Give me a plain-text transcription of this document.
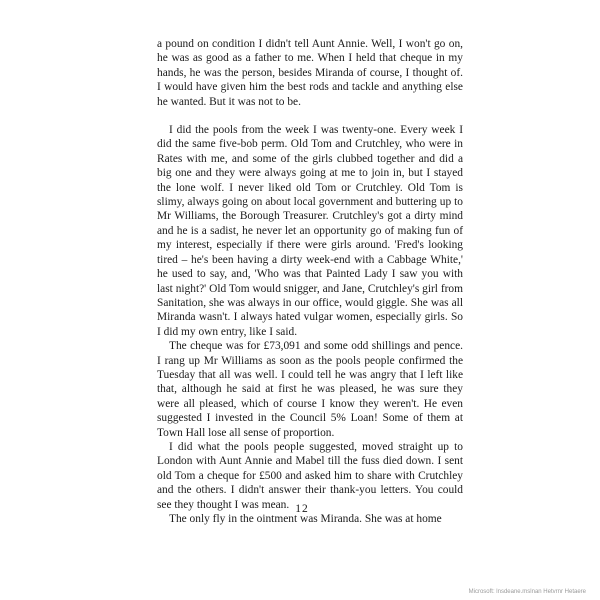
a pound on condition I didn't tell Aunt Annie. Well, I won't go on, he was as good as a father to me. When I held that cheque in my hands, he was the person, besides Miranda of course, I thought of. I would have given him the best rods and tackle and anything else he wanted. But it was not to be.

I did the pools from the week I was twenty-one. Every week I did the same five-bob perm. Old Tom and Crutchley, who were in Rates with me, and some of the girls clubbed together and did a big one and they were always going at me to join in, but I stayed the lone wolf. I never liked old Tom or Crutchley. Old Tom is slimy, always going on about local government and buttering up to Mr Williams, the Borough Treasurer. Crutchley's got a dirty mind and he is a sadist, he never let an opportunity go of making fun of my interest, especially if there were girls around. 'Fred's looking tired – he's been having a dirty week-end with a Cabbage White,' he used to say, and, 'Who was that Painted Lady I saw you with last night?' Old Tom would snigger, and Jane, Crutchley's girl from Sanitation, she was always in our office, would giggle. She was all Miranda wasn't. I always hated vulgar women, especially girls. So I did my own entry, like I said.

The cheque was for £73,091 and some odd shillings and pence. I rang up Mr Williams as soon as the pools people confirmed the Tuesday that all was well. I could tell he was angry that I left like that, although he said at first he was pleased, he was sure they were all pleased, which of course I know they weren't. He even suggested I invested in the Council 5% Loan! Some of them at Town Hall lose all sense of proportion.

I did what the pools people suggested, moved straight up to London with Aunt Annie and Mabel till the fuss died down. I sent old Tom a cheque for £500 and asked him to share with Crutchley and the others. I didn't answer their thank-you letters. You could see they thought I was mean.

The only fly in the ointment was Miranda. She was at home

12
Microsoft: lnsdeane.mslnan Hetvrnr Hetaere
